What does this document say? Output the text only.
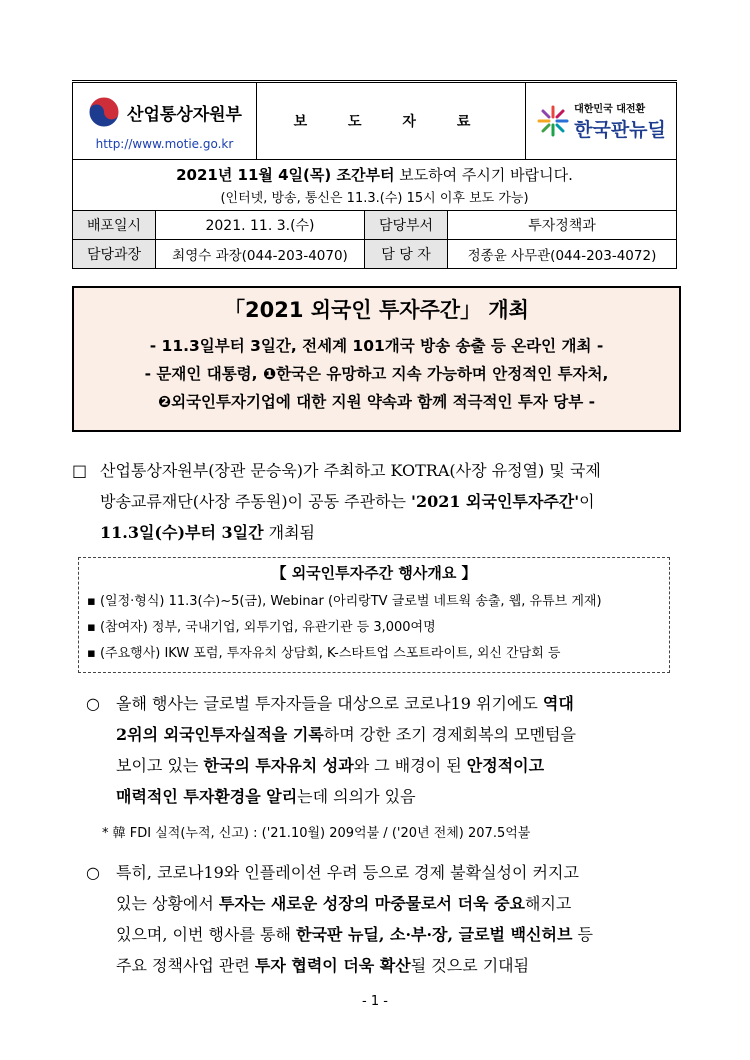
산업통상자원부
http://www.motie.go.kr
	보 도 자 료	
대한민국 대전환
한국판뉴딜

2021년 11월 4일(목) 조간부터 보도하여 주시기 바랍니다.
(인터넷, 방송, 통신은 11.3.(수) 15시 이후 보도 가능)
배포일시	2021. 11. 3.(수)	담당부서	투자정책과
담당과장	최영수 과장(044-203-4070)	담 당 자	정종윤 사무관(044-203-4072)
「2021 외국인 투자주간」 개최
- 11.3일부터 3일간, 전세계 101개국 방송 송출 등 온라인 개최 -
- 문재인 대통령, ❶한국은 유망하고 지속 가능하며 안정적인 투자처,
❷외국인투자기업에 대한 지원 약속과 함께 적극적인 투자 당부 -
□ 산업통상자원부(장관 문승욱)가 주최하고 KOTRA(사장 유정열) 및 국제
방송교류재단(사장 주동원)이 공동 주관하는 '2021 외국인투자주간'이
11.3일(수)부터 3일간 개최됨
【 외국인투자주간 행사개요 】
▪ (일정·형식) 11.3(수)~5(금), Webinar (아리랑TV 글로벌 네트웍 송출, 웹, 유튜브 게재)
▪ (참여자) 정부, 국내기업, 외투기업, 유관기관 등 3,000여명
▪ (주요행사) IKW 포럼, 투자유치 상담회, K-스타트업 스포트라이트, 외신 간담회 등
○ 올해 행사는 글로벌 투자자들을 대상으로 코로나19 위기에도 역대
2위의 외국인투자실적을 기록하며 강한 조기 경제회복의 모멘텀을
보이고 있는 한국의 투자유치 성과와 그 배경이 된 안정적이고
매력적인 투자환경을 알리는데 의의가 있음
* 韓 FDI 실적(누적, 신고) : ('21.10월) 209억불 / ('20년 전체) 207.5억불
○ 특히, 코로나19와 인플레이션 우려 등으로 경제 불확실성이 커지고
있는 상황에서 투자는 새로운 성장의 마중물로서 더욱 중요해지고
있으며, 이번 행사를 통해 한국판 뉴딜, 소·부·장, 글로벌 백신허브 등
주요 정책사업 관련 투자 협력이 더욱 확산될 것으로 기대됨
- 1 -
